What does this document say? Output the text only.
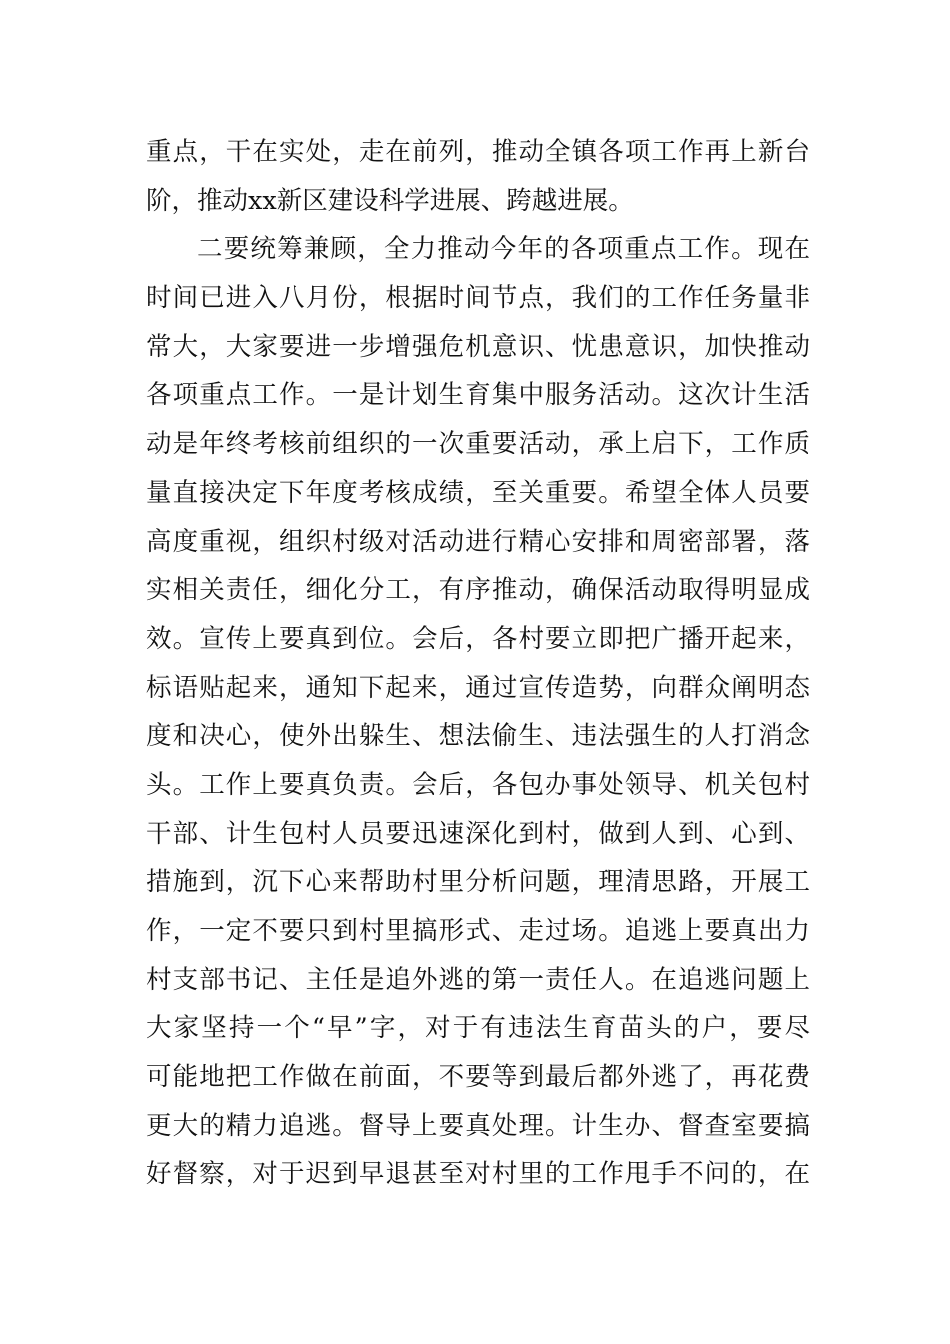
重点，干在实处，走在前列，推动全镇各项工作再上新台
阶，推动xx新区建设科学进展、跨越进展。
二要统筹兼顾，全力推动今年的各项重点工作。现在
时间已进入八月份，根据时间节点，我们的工作任务量非
常大，大家要进一步增强危机意识、忧患意识，加快推动
各项重点工作。一是计划生育集中服务活动。这次计生活
动是年终考核前组织的一次重要活动，承上启下，工作质
量直接决定下年度考核成绩，至关重要。希望全体人员要
高度重视，组织村级对活动进行精心安排和周密部署，落
实相关责任，细化分工，有序推动，确保活动取得明显成
效。宣传上要真到位。会后，各村要立即把广播开起来，
标语贴起来，通知下起来，通过宣传造势，向群众阐明态
度和决心，使外出躲生、想法偷生、违法强生的人打消念
头。工作上要真负责。会后，各包办事处领导、机关包村
干部、计生包村人员要迅速深化到村，做到人到、心到、
措施到，沉下心来帮助村里分析问题，理清思路，开展工
作，一定不要只到村里搞形式、走过场。追逃上要真出力
村支部书记、主任是追外逃的第一责任人。在追逃问题上
大家坚持一个“早”字，对于有违法生育苗头的户，要尽
可能地把工作做在前面，不要等到最后都外逃了，再花费
更大的精力追逃。督导上要真处理。计生办、督查室要搞
好督察，对于迟到早退甚至对村里的工作甩手不问的，在
